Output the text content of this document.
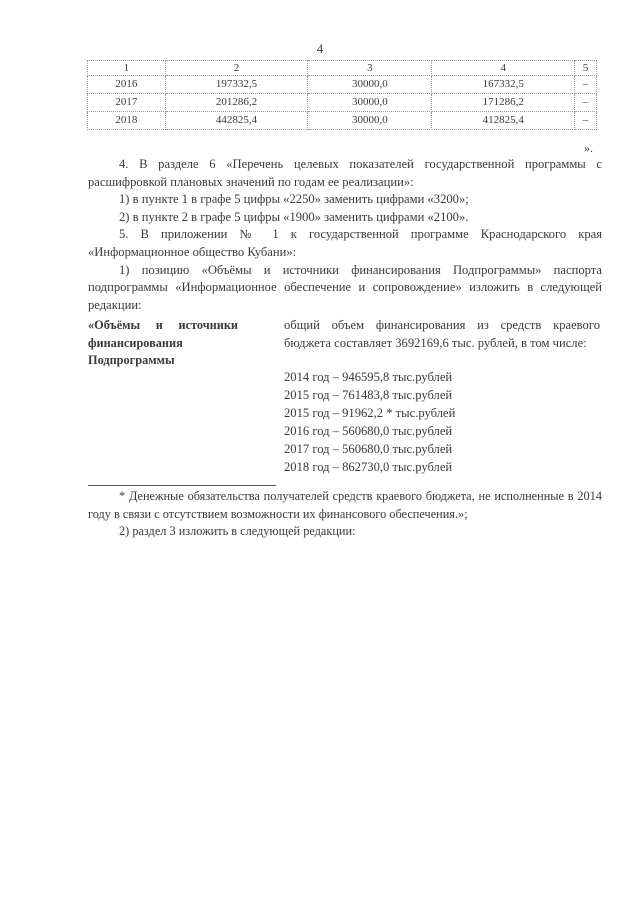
4
1	2	3	4	5
2016	197332,5	30000,0	167332,5	–
2017	201286,2	30000,0	171286,2	–
2018	442825,4	30000,0	412825,4	–
».

4. В разделе 6 «Перечень целевых показателей государственной программы с расшифровкой плановых значений по годам ее реализации»:

1) в пункте 1 в графе 5 цифры «2250» заменить цифрами «3200»;

2) в пункте 2 в графе 5 цифры «1900» заменить цифрами «2100».

5. В приложении № 1 к государственной программе Краснодарского края «Информационное общество Кубани»:

1) позицию «Объёмы и источники финансирования Подпрограммы» паспорта подпрограммы «Информационное обеспечение и сопровождение» изложить в следующей редакции:

«Объёмы и источники финансирования Подпрограммы
общий объем финансирования из средств краевого бюджета составляет 3692169,6 тыс. рублей, в том числе:
2014 год – 946595,8 тыс.рублей
2015 год – 761483,8 тыс.рублей
2015 год – 91962,2 * тыс.рублей
2016 год – 560680,0 тыс.рублей
2017 год – 560680,0 тыс.рублей
2018 год – 862730,0 тыс.рублей

* Денежные обязательства получателей средств краевого бюджета, не исполненные в 2014 году в связи с отсутствием возможности их финансового обеспечения.»;

2) раздел 3 изложить в следующей редакции:
